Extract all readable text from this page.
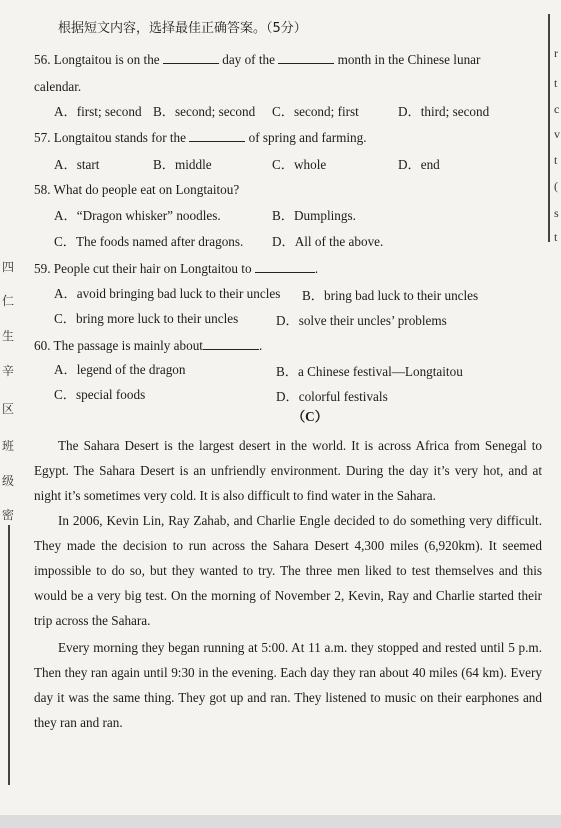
根据短文内容，选择最佳正确答案。（5分）
56. Longtaitou is on the	day of the	month in the Chinese lunar
calendar.
A．first; second B．second; second C．second; first	D．third; second
57. Longtaitou stands for the	of spring and farming.
A．start	B．middle	C．whole	D．end
58. What do people eat on Longtaitou?
A．“Dragon whisker” noodles.	B．Dumplings.
C．The foods named after dragons. D．All of the above.
59. People cut their hair on Longtaitou to	.
A．avoid bringing bad luck to their uncles B．bring bad luck to their uncles
C．bring more luck to their uncles	D．solve their uncles’ problems
60. The passage is mainly about	.
A．legend of the dragon	B．a Chinese festival—Longtaitou
C．special foods	D．colorful festivals
（C）
The Sahara Desert is the largest desert in the world. It is across Africa from Senegal to Egypt. The Sahara Desert is an unfriendly environment. During the day it’s very hot, and at night it’s sometimes very cold. It is also difficult to find water in the Sahara.
In 2006, Kevin Lin, Ray Zahab, and Charlie Engle decided to do something very difficult. They made the decision to run across the Sahara Desert 4,300 miles (6,920km). It seemed impossible to do so, but they wanted to try. The three men liked to test themselves and this would be a very big test. On the morning of November 2, Kevin, Ray and Charlie started their trip across the Sahara.
Every morning they began running at 5:00. At 11 a.m. they stopped and rested until 5 p.m. Then they ran again until 9:30 in the evening. Each day they ran about 40 miles (64 km). Every day it was the same thing. They got up and ran. They listened to music on their earphones and they ran and ran.
四
仁
生
辛
区
班
级
密
r
t
c
v
t
(
s
t
